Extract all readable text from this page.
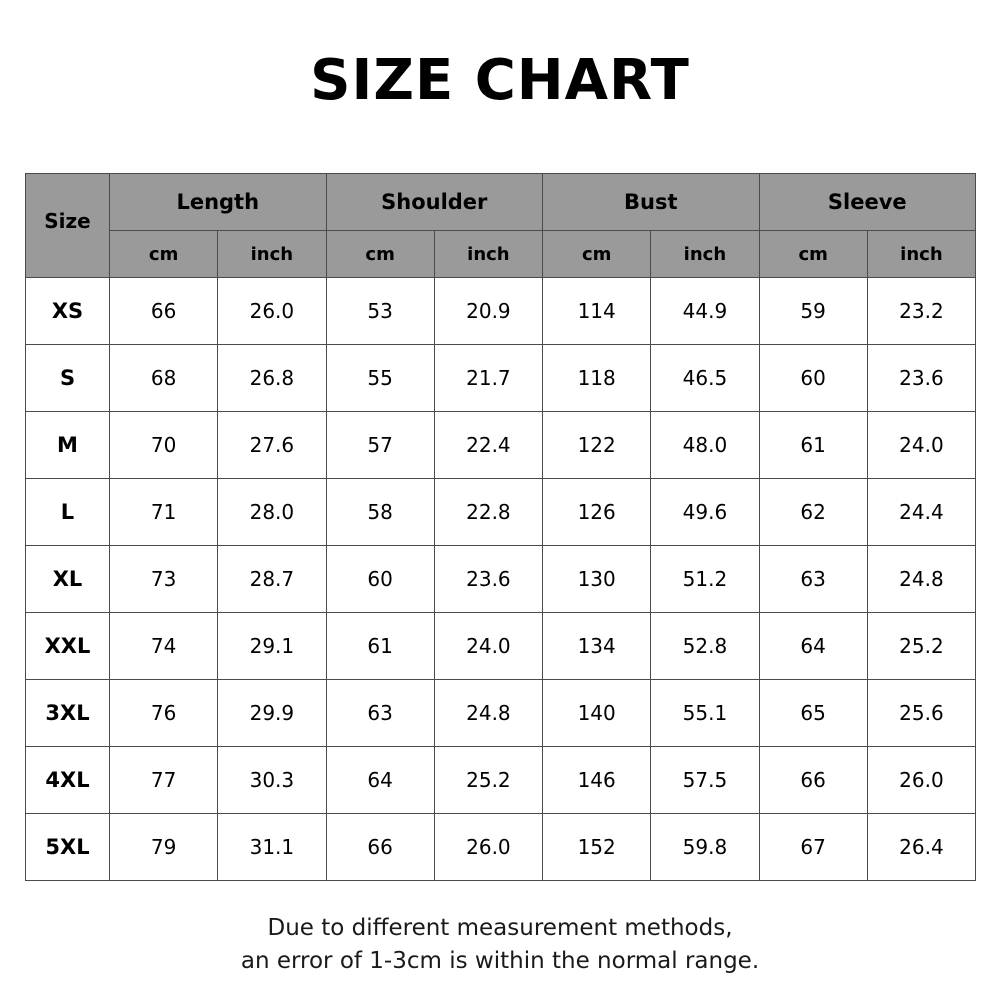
SIZE CHART
Size	Length		Shoulder		Bust		Sleeve	
	cm	inch	cm	inch	cm	inch	cm	inch
XS	66	26.0	53	20.9	114	44.9	59	23.2
S	68	26.8	55	21.7	118	46.5	60	23.6
M	70	27.6	57	22.4	122	48.0	61	24.0
L	71	28.0	58	22.8	126	49.6	62	24.4
XL	73	28.7	60	23.6	130	51.2	63	24.8
XXL	74	29.1	61	24.0	134	52.8	64	25.2
3XL	76	29.9	63	24.8	140	55.1	65	25.6
4XL	77	30.3	64	25.2	146	57.5	66	26.0
5XL	79	31.1	66	26.0	152	59.8	67	26.4
Due to different measurement methods,
an error of 1-3cm is within the normal range.
